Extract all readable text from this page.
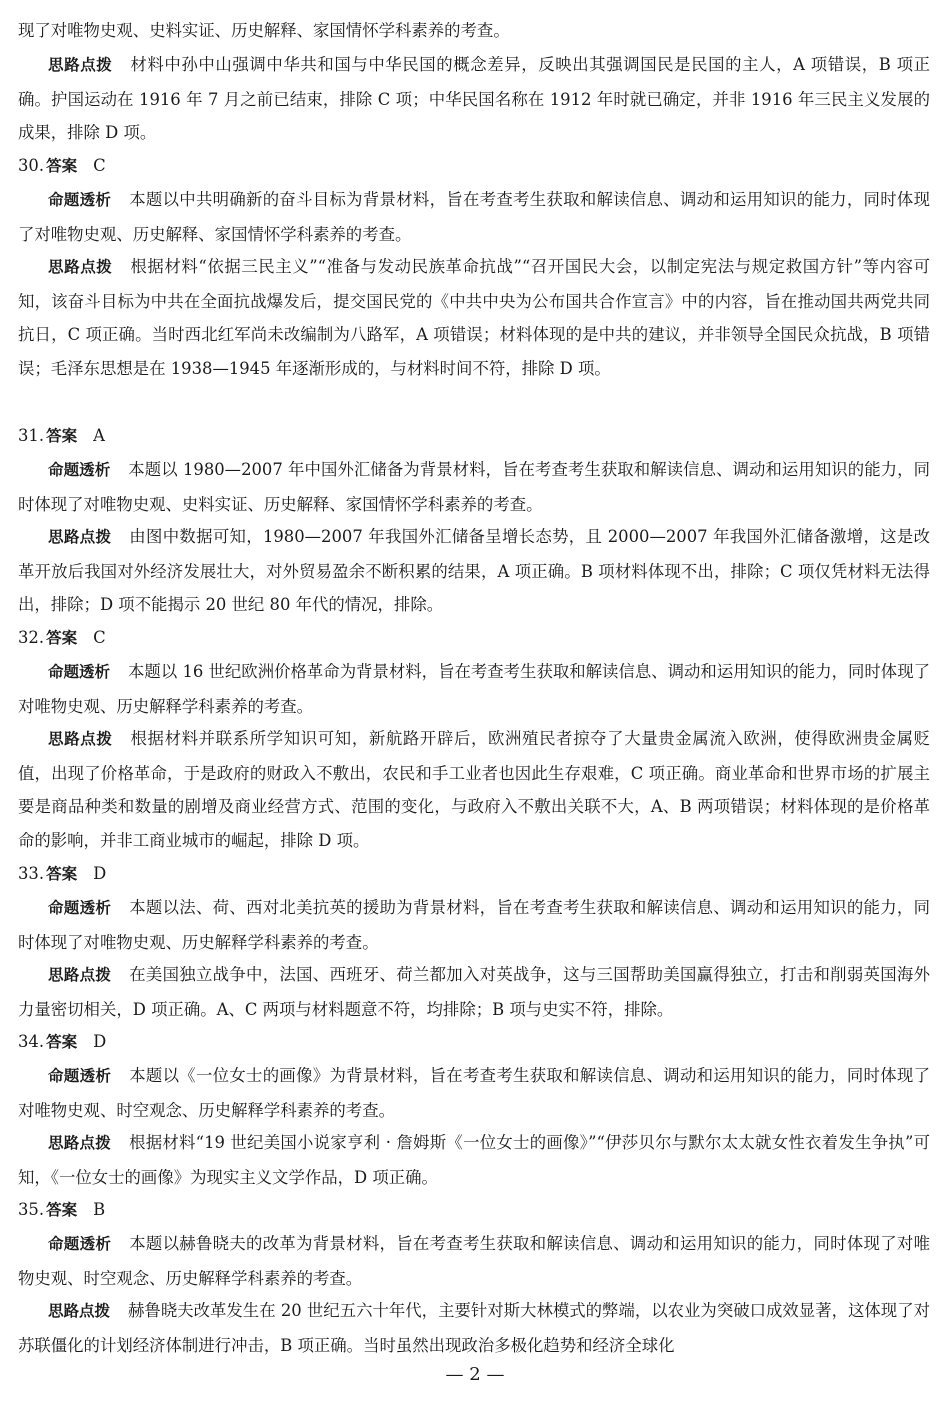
现了对唯物史观、史料实证、历史解释、家国情怀学科素养的考查。

思路点拨 材料中孙中山强调中华共和国与中华民国的概念差异，反映出其强调国民是民国的主人，A 项错误，B 项正确。护国运动在 1916 年 7 月之前已结束，排除 C 项；中华民国名称在 1912 年时就已确定，并非 1916 年三民主义发展的成果，排除 D 项。

30. 答案 C

命题透析 本题以中共明确新的奋斗目标为背景材料，旨在考查考生获取和解读信息、调动和运用知识的能力，同时体现了对唯物史观、历史解释、家国情怀学科素养的考查。

思路点拨 根据材料“依据三民主义”“准备与发动民族革命抗战”“召开国民大会，以制定宪法与规定救国方针”等内容可知，该奋斗目标为中共在全面抗战爆发后，提交国民党的《中共中央为公布国共合作宣言》中的内容，旨在推动国共两党共同抗日，C 项正确。当时西北红军尚未改编制为八路军，A 项错误；材料体现的是中共的建议，并非领导全国民众抗战，B 项错误；毛泽东思想是在 1938—1945 年逐渐形成的，与材料时间不符，排除 D 项。

31. 答案 A

命题透析 本题以 1980—2007 年中国外汇储备为背景材料，旨在考查考生获取和解读信息、调动和运用知识的能力，同时体现了对唯物史观、史料实证、历史解释、家国情怀学科素养的考查。

思路点拨 由图中数据可知，1980—2007 年我国外汇储备呈增长态势，且 2000—2007 年我国外汇储备激增，这是改革开放后我国对外经济发展壮大，对外贸易盈余不断积累的结果，A 项正确。B 项材料体现不出，排除；C 项仅凭材料无法得出，排除；D 项不能揭示 20 世纪 80 年代的情况，排除。

32. 答案 C

命题透析 本题以 16 世纪欧洲价格革命为背景材料，旨在考查考生获取和解读信息、调动和运用知识的能力，同时体现了对唯物史观、历史解释学科素养的考查。

思路点拨 根据材料并联系所学知识可知，新航路开辟后，欧洲殖民者掠夺了大量贵金属流入欧洲，使得欧洲贵金属贬值，出现了价格革命，于是政府的财政入不敷出，农民和手工业者也因此生存艰难，C 项正确。商业革命和世界市场的扩展主要是商品种类和数量的剧增及商业经营方式、范围的变化，与政府入不敷出关联不大，A、B 两项错误；材料体现的是价格革命的影响，并非工商业城市的崛起，排除 D 项。

33. 答案 D

命题透析 本题以法、荷、西对北美抗英的援助为背景材料，旨在考查考生获取和解读信息、调动和运用知识的能力，同时体现了对唯物史观、历史解释学科素养的考查。

思路点拨 在美国独立战争中，法国、西班牙、荷兰都加入对英战争，这与三国帮助美国赢得独立，打击和削弱英国海外力量密切相关，D 项正确。A、C 两项与材料题意不符，均排除；B 项与史实不符，排除。

34. 答案 D

命题透析 本题以《一位女士的画像》为背景材料，旨在考查考生获取和解读信息、调动和运用知识的能力，同时体现了对唯物史观、时空观念、历史解释学科素养的考查。

思路点拨 根据材料“19 世纪美国小说家亨利 · 詹姆斯《一位女士的画像》”“伊莎贝尔与默尔太太就女性衣着发生争执”可知，《一位女士的画像》为现实主义文学作品，D 项正确。

35. 答案 B

命题透析 本题以赫鲁晓夫的改革为背景材料，旨在考查考生获取和解读信息、调动和运用知识的能力，同时体现了对唯物史观、时空观念、历史解释学科素养的考查。

思路点拨 赫鲁晓夫改革发生在 20 世纪五六十年代，主要针对斯大林模式的弊端，以农业为突破口成效显著，这体现了对苏联僵化的计划经济体制进行冲击，B 项正确。当时虽然出现政治多极化趋势和经济全球化

— 2 —
